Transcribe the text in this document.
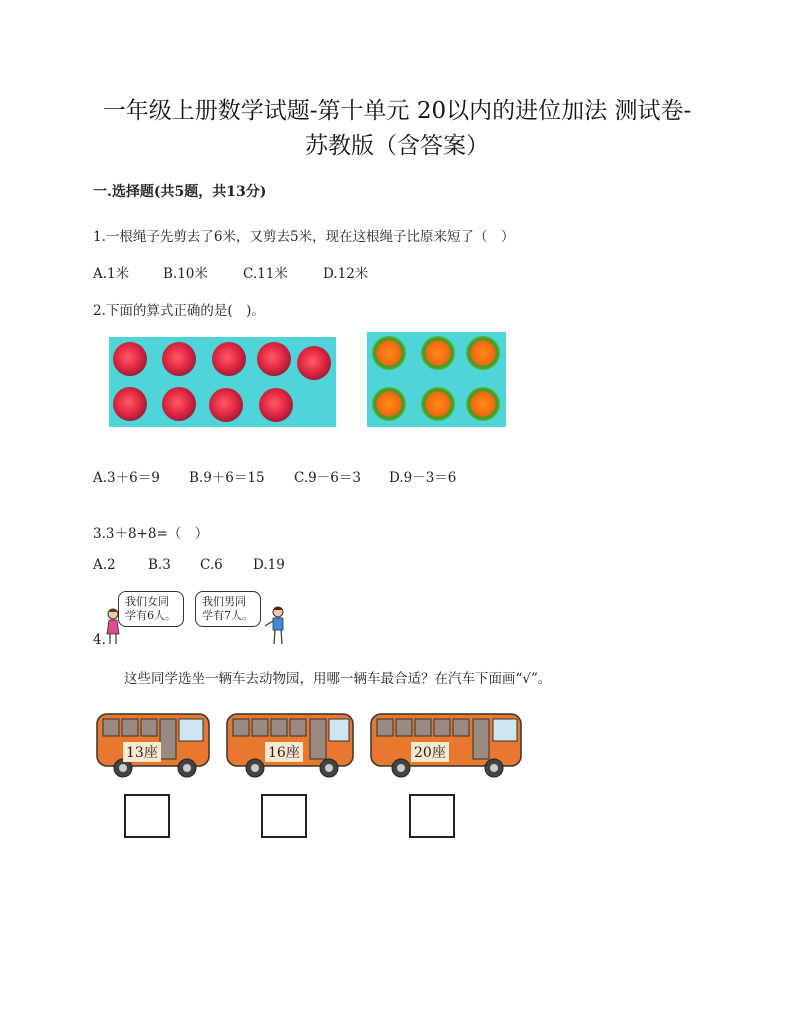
一年级上册数学试题-第十单元 20以内的进位加法 测试卷-
苏教版（含答案）
一.选择题(共5题，共13分)
1.一根绳子先剪去了6米，又剪去5米，现在这根绳子比原来短了（　）
A.1米	B.10米	C.11米	D.12米
2.下面的算式正确的是(　)。
A.3＋6＝9 B.9＋6＝15 C.9－6＝3 D.9－3＝6
3.3＋8+8=（　）
A.2 B.3 C.6 D.19
我们女同学有6人。
我们男同学有7人。
4.
这些同学选坐一辆车去动物园，用哪一辆车最合适？在汽车下面画“√”。
13座	16座	20座
